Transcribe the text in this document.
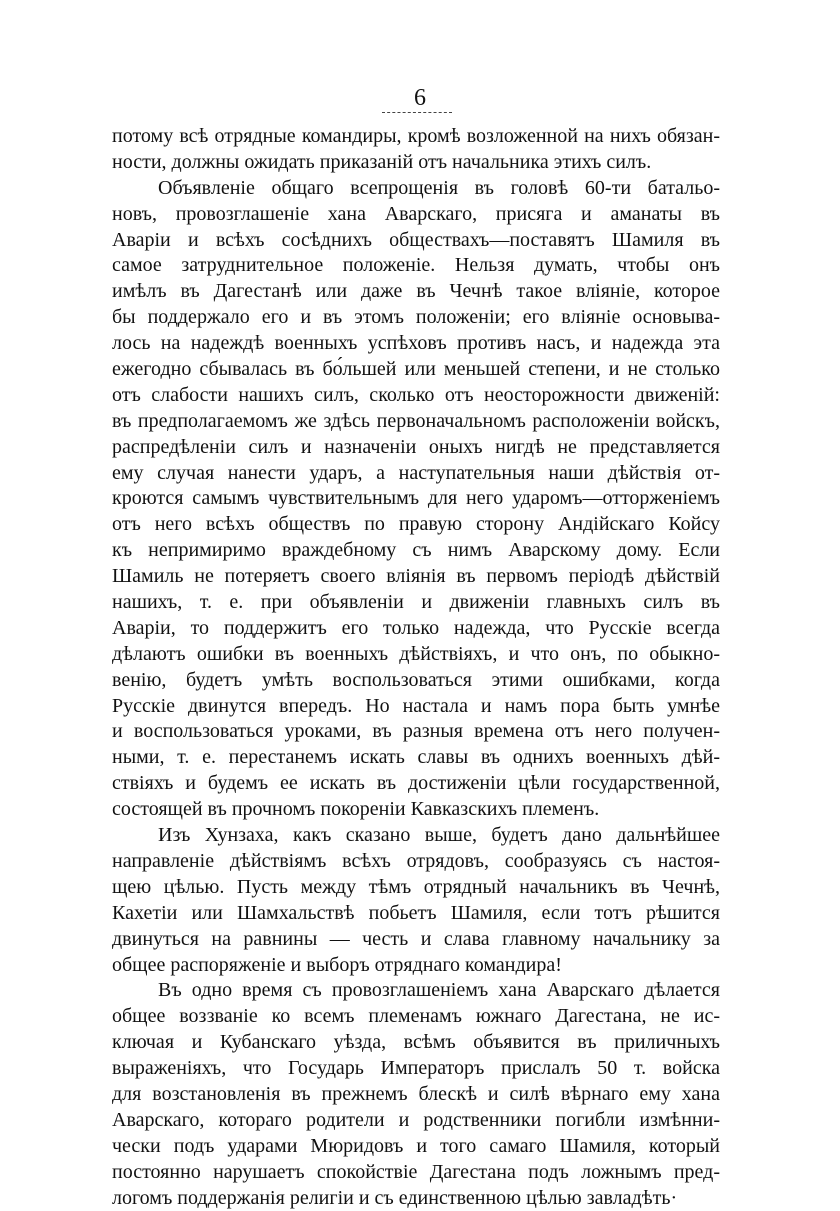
6
потому всѣ отрядные командиры, кромѣ возложенной на нихъ обязан-
ности, должны ожидать приказаній отъ начальника этихъ силъ.
Объявленіе общаго всепрощенія въ головѣ 60-ти батальо-
новъ, провозглашеніе хана Аварскаго, присяга и аманаты въ
Аваріи и всѣхъ сосѣднихъ обществахъ—поставятъ Шамиля въ
самое затруднительное положеніе. Нельзя думать, чтобы онъ
имѣлъ въ Дагестанѣ или даже въ Чечнѣ такое вліяніе, которое
бы поддержало его и въ этомъ положеніи; его вліяніе основыва-
лось на надеждѣ военныхъ успѣховъ противъ насъ, и надежда эта
ежегодно сбывалась въ бо́льшей или меньшей степени, и не столько
отъ слабости нашихъ силъ, сколько отъ неосторожности движеній:
въ предполагаемомъ же здѣсь первоначальномъ расположеніи войскъ,
распредѣленіи силъ и назначеніи оныхъ нигдѣ не представляется
ему случая нанести ударъ, а наступательныя наши дѣйствія от-
кроются самымъ чувствительнымъ для него ударомъ—отторженіемъ
отъ него всѣхъ обществъ по правую сторону Андійскаго Койсу
къ непримиримо враждебному съ нимъ Аварскому дому. Если
Шамиль не потеряетъ своего вліянія въ первомъ періодѣ дѣйствій
нашихъ, т. е. при объявленіи и движеніи главныхъ силъ въ
Аваріи, то поддержитъ его только надежда, что Русскіе всегда
дѣлаютъ ошибки въ военныхъ дѣйствіяхъ, и что онъ, по обыкно-
венію, будетъ умѣть воспользоваться этими ошибками, когда
Русскіе двинутся впередъ. Но настала и намъ пора быть умнѣе
и воспользоваться уроками, въ разныя времена отъ него получен-
ными, т. е. перестанемъ искать славы въ однихъ военныхъ дѣй-
ствіяхъ и будемъ ее искать въ достиженіи цѣли государственной,
состоящей въ прочномъ покореніи Кавказскихъ племенъ.
Изъ Хунзаха, какъ сказано выше, будетъ дано дальнѣйшее
направленіе дѣйствіямъ всѣхъ отрядовъ, сообразуясь съ настоя-
щею цѣлью. Пусть между тѣмъ отрядный начальникъ въ Чечнѣ,
Кахетіи или Шамхальствѣ побьетъ Шамиля, если тотъ рѣшится
двинуться на равнины — честь и слава главному начальнику за
общее распоряженіе и выборъ отряднаго командира!
Въ одно время съ провозглашеніемъ хана Аварскаго дѣлается
общее воззваніе ко всемъ племенамъ южнаго Дагестана, не ис-
ключая и Кубанскаго уѣзда, всѣмъ объявится въ приличныхъ
выраженіяхъ, что Государь Императоръ прислалъ 50 т. войска
для возстановленія въ прежнемъ блескѣ и силѣ вѣрнаго ему хана
Аварскаго, котораго родители и родственники погибли измѣнни-
чески подъ ударами Мюридовъ и того самаго Шамиля, который
постоянно нарушаетъ спокойствіе Дагестана подъ ложнымъ пред-
логомъ поддержанія религіи и съ единственною цѣлью завладѣть·
